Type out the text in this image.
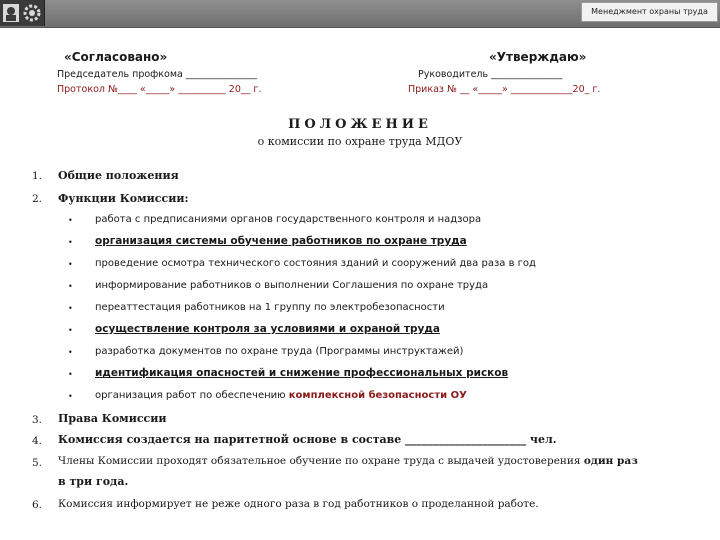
Менеджмент охраны труда
«Согласовано»
Председатель профкома _______________
Протокол №____ «_____» __________ 20__ г.
«Утверждаю»
Руководитель _______________
Приказ № __ «_____» _____________20_ г.
ПОЛОЖЕНИЕ
о комиссии по охране труда МДОУ
1. Общие положения
2. Функции Комиссии:
• работа с предписаниями органов государственного контроля и надзора
• организация системы обучение работников по охране труда
• проведение осмотра технического состояния зданий и сооружений два раза в год
• информирование работников о выполнении Соглашения по охране труда
• переаттестация работников на 1 группу по электробезопасности
• осуществление контроля за условиями и охраной труда
• разработка документов по охране труда (Программы инструктажей)
• идентификация опасностей и снижение профессиональных рисков
• организация работ по обеспечению комплексной безопасности ОУ
3. Права Комиссии
4. Комиссия создается на паритетной основе в составе ______________________ чел.
5. Члены Комиссии проходят обязательное обучение по охране труда с выдачей удостоверения один раз
в три года.
6. Комиссия информирует не реже одного раза в год работников о проделанной работе.
